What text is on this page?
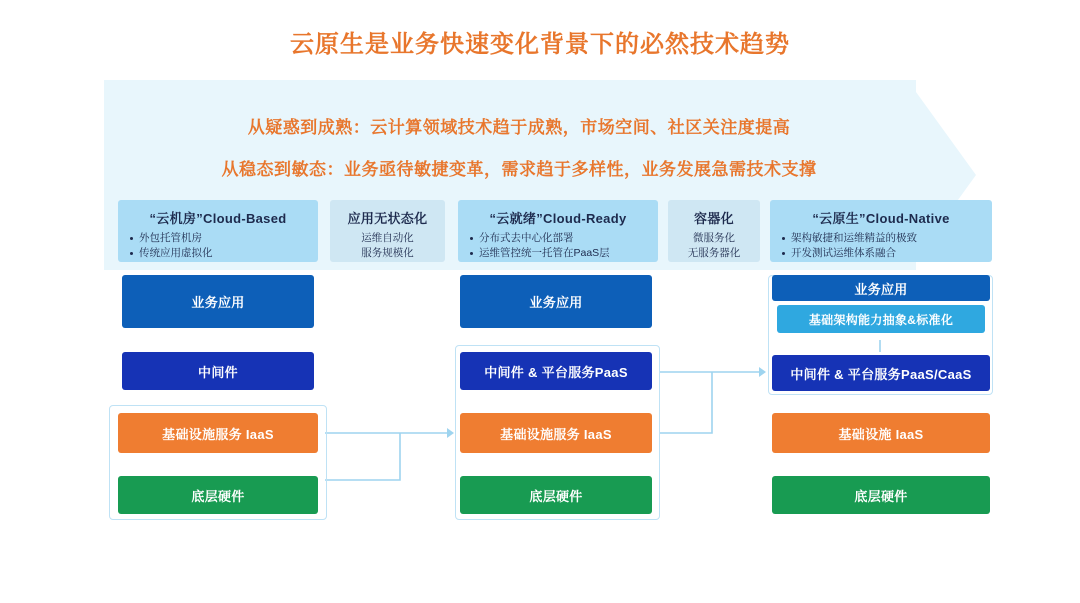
云原生是业务快速变化背景下的必然技术趋势
从疑惑到成熟：云计算领域技术趋于成熟，市场空间、社区关注度提高
从稳态到敏态：业务亟待敏捷变革，需求趋于多样性，业务发展急需技术支撑
“云机房”Cloud-Based
外包托管机房
传统应用虚拟化
应用无状态化
运维自动化
服务规模化
“云就绪”Cloud-Ready
分布式去中心化部署
运维管控统一托管在PaaS层
容器化
微服务化
无服务器化
“云原生”Cloud-Native
架构敏捷和运维精益的极致
开发测试运维体系融合
业务应用
中间件
基础设施服务 IaaS
底层硬件
业务应用
中间件 & 平台服务PaaS
基础设施服务 IaaS
底层硬件
业务应用
基础架构能力抽象&标准化
中间件 & 平台服务PaaS/CaaS
基础设施 IaaS
底层硬件
